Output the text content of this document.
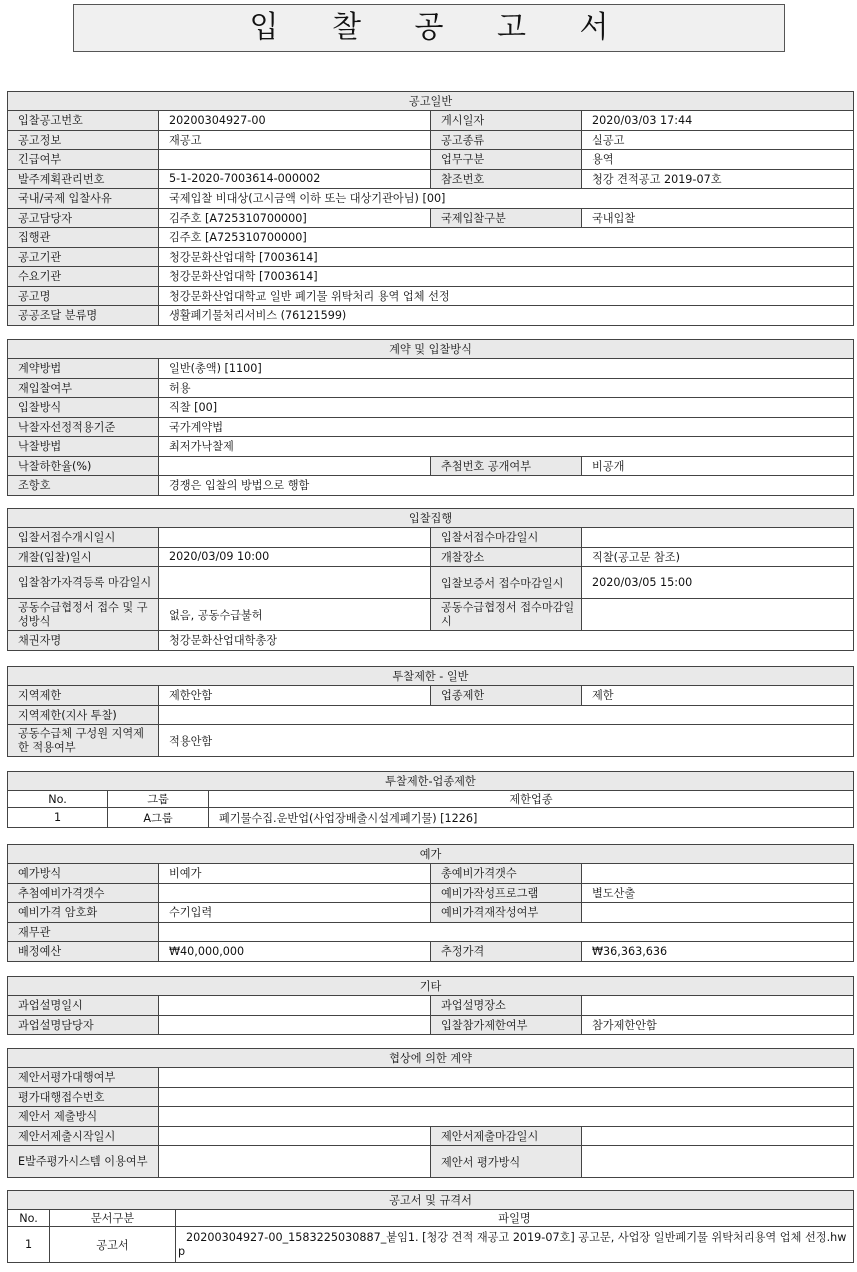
입 찰 공 고 서
공고일반			
입찰공고번호	20200304927-00	게시일자	2020/03/03 17:44
공고정보	재공고	공고종류	실공고
긴급여부		업무구분	용역
발주계획관리번호	5-1-2020-7003614-000002	참조번호	청강 견적공고 2019-07호
국내/국제 입찰사유	국제입찰 비대상(고시금액 이하 또는 대상기관아님) [00]		
공고담당자	김주호 [A725310700000]	국제입찰구분	국내입찰
집행관	김주호 [A725310700000]		
공고기관	청강문화산업대학 [7003614]		
수요기관	청강문화산업대학 [7003614]		
공고명	청강문화산업대학교 일반 폐기물 위탁처리 용역 업체 선정		
공공조달 분류명	생활폐기물처리서비스 (76121599)		
계약 및 입찰방식			
계약방법	일반(총액) [1100]		
재입찰여부	허용		
입찰방식	직찰 [00]		
낙찰자선정적용기준	국가계약법		
낙찰방법	최저가낙찰제		
낙찰하한율(%)		추첨번호 공개여부	비공개
조항호	경쟁은 입찰의 방법으로 행함		
입찰집행			
입찰서접수개시일시		입찰서접수마감일시	
개찰(입찰)일시	2020/03/09 10:00	개찰장소	직찰(공고문 참조)
입찰참가자격등록 마감일시		입찰보증서 접수마감일시	2020/03/05 15:00
공동수급협정서 접수 및 구성방식	없음, 공동수급불허	공동수급협정서 접수마감일시	
채권자명	청강문화산업대학총장		
투찰제한 - 일반			
지역제한	제한안함	업종제한	제한
지역제한(지사 투찰)			
공동수급체 구성원 지역제한 적용여부	적용안함		
투찰제한-업종제한		
No.	그룹	제한업종
1	A그룹	폐기물수집.운반업(사업장배출시설계폐기물) [1226]
예가			
예가방식	비예가	총예비가격갯수	
추첨예비가격갯수		예비가작성프로그램	별도산출
예비가격 암호화	수기입력	예비가격재작성여부	
재무관			
배정예산	₩40,000,000	추정가격	₩36,363,636
기타			
과업설명일시		과업설명장소	
과업설명담당자		입찰참가제한여부	참가제한안함
협상에 의한 계약			
제안서평가대행여부			
평가대행접수번호			
제안서 제출방식			
제안서제출시작일시		제안서제출마감일시	
E발주평가시스템 이용여부		제안서 평가방식	
공고서 및 규격서		
No.	문서구분	파일명
1	공고서	20200304927-00_1583225030887_붙임1. [청강 견적 재공고 2019-07호] 공고문, 사업장 일반폐기물 위탁처리용역 업체 선정.hwp
